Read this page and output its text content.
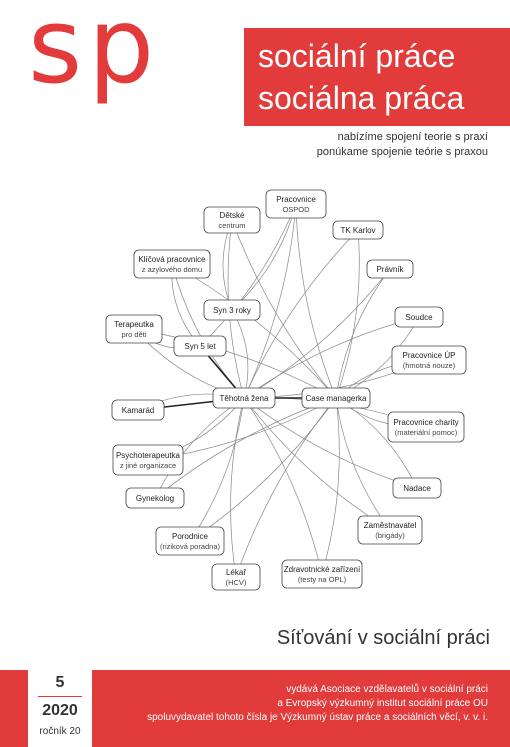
sp	sociální práce
sociálna práca
nabízíme spojení teorie s praxí
ponúkame spojenie teórie s praxou
Dětské
centrum
Pracovnice
OSPOD
TK Karlov
Klíčová pracovnice
z azylového domu	Právník
Syn 3 roky
Terapeutka
pro děti
Soudce
Syn 5 let
Pracovnice ÚP
(hmotná nouze)
Těhotná žena	Case managerka
Kamarád
Pracovnice charity
(materiální pomoc)
Psychoterapeutka
z jiné organizace
Nadace
Gynekolog
Zaměstnavatel
(brigády)
Porodnice
(riziková poradna)
Lékař
(HCV)
Zdravotnické zařízení
(testy na OPL)
Síťování v sociální práci
5
2020
ročník 20
vydává Asociace vzdělavatelů v sociální práci
a Evropský výzkumný institut sociální práce OU
spoluvydavatel tohoto čísla je Výzkumný ústav práce a sociálních věcí, v. v. i.
